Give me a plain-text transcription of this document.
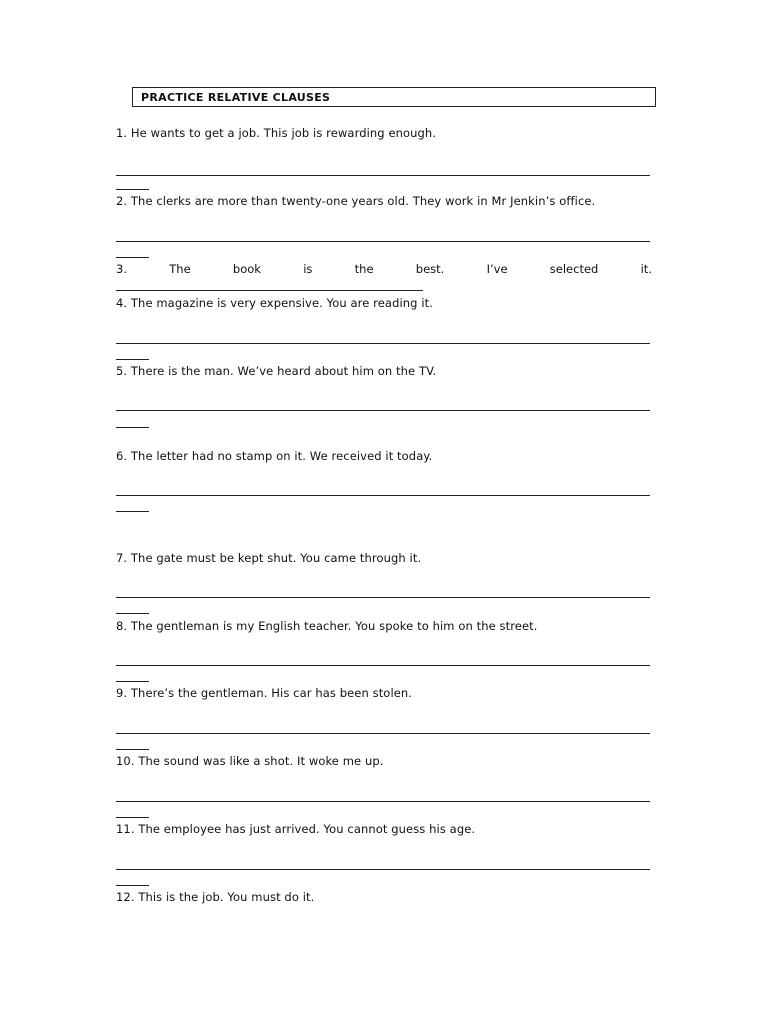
PRACTICE RELATIVE CLAUSES
1. He wants to get a job. This job is rewarding enough.
2. The clerks are more than twenty-one years old. They work in Mr Jenkin’s office.
3.	The	book	is	the	best.	I’ve	selected	it.
4. The magazine is very expensive. You are reading it.
5. There is the man. We’ve heard about him on the TV.
6. The letter had no stamp on it. We received it today.
7. The gate must be kept shut. You came through it.
8. The gentleman is my English teacher. You spoke to him on the street.
9. There’s the gentleman. His car has been stolen.
10. The sound was like a shot. It woke me up.
11. The employee has just arrived. You cannot guess his age.
12. This is the job. You must do it.
